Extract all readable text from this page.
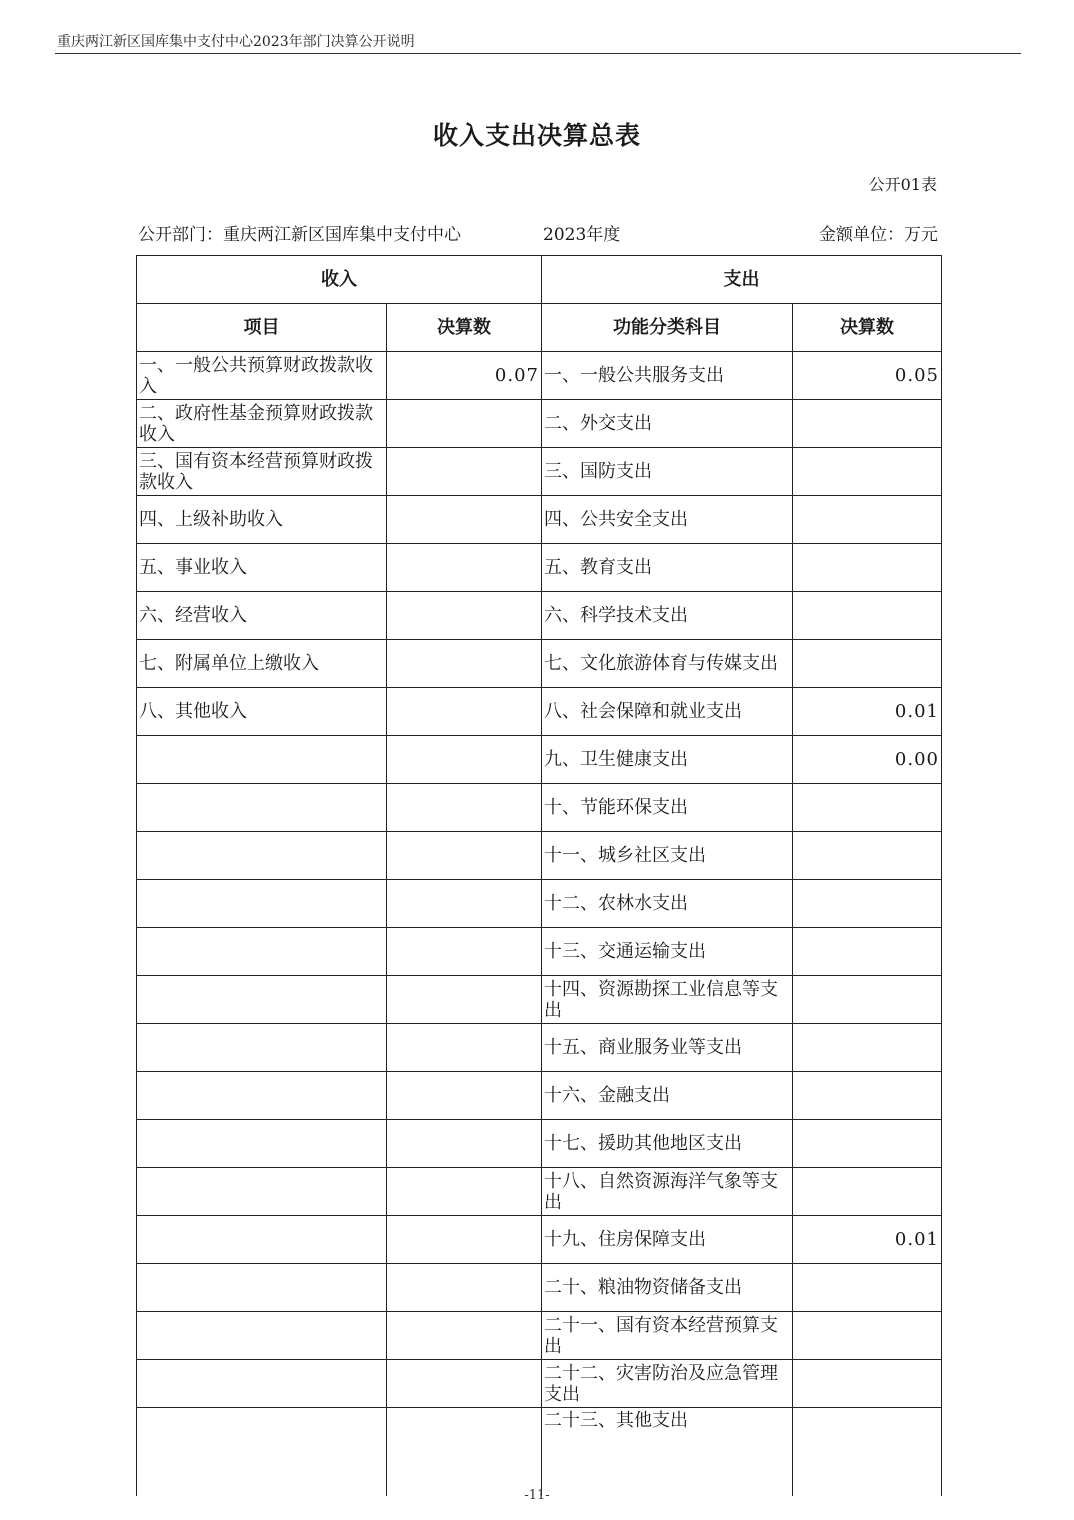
重庆两江新区国库集中支付中心2023年部门决算公开说明
收入支出决算总表
公开01表
公开部门：重庆两江新区国库集中支付中心	2023年度	金额单位：万元
收入		支出	
项目	决算数	功能分类科目	决算数
一、一般公共预算财政拨款收入	0.07	一、一般公共服务支出	0.05
二、政府性基金预算财政拨款收入		二、外交支出	
三、国有资本经营预算财政拨款收入		三、国防支出	
四、上级补助收入		四、公共安全支出	
五、事业收入		五、教育支出	
六、经营收入		六、科学技术支出	
七、附属单位上缴收入		七、文化旅游体育与传媒支出	
八、其他收入		八、社会保障和就业支出	0.01
		九、卫生健康支出	0.00
		十、节能环保支出	
		十一、城乡社区支出	
		十二、农林水支出	
		十三、交通运输支出	
		十四、资源勘探工业信息等支出	
		十五、商业服务业等支出	
		十六、金融支出	
		十七、援助其他地区支出	
		十八、自然资源海洋气象等支出	
		十九、住房保障支出	0.01
		二十、粮油物资储备支出	
		二十一、国有资本经营预算支出	
		二十二、灾害防治及应急管理支出	
		二十三、其他支出	
-11-
